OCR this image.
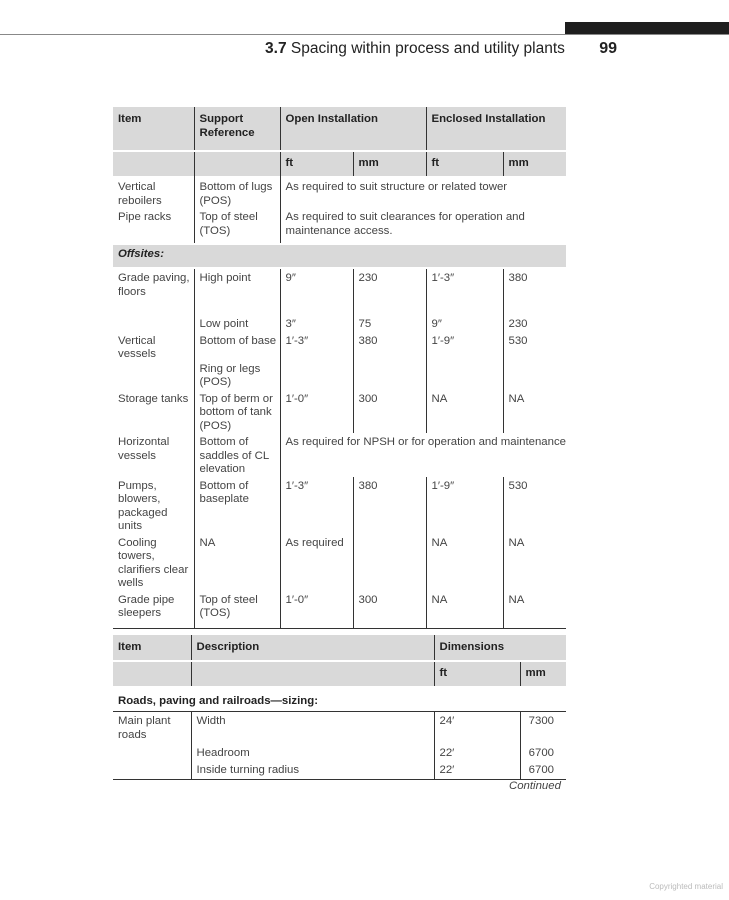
3.7 Spacing within process and utility plants 99
Item	Support Reference	Open Installation		Enclosed Installation	
		ft	mm	ft	mm
Vertical reboilers	Bottom of lugs (POS)	As required to suit structure or related tower			
Pipe racks	Top of steel (TOS)	As required to suit clearances for operation and maintenance access.			
Offsites:					
Grade paving, floors	High point	9″	230	1′-3″	380
	Low point	3″	75	9″	230
Vertical vessels	Bottom of base	1′-3″	380	1′-9″	530
	Ring or legs (POS)				
Storage tanks	Top of berm or bottom of tank (POS)	1′-0″	300	NA	NA
Horizontal vessels	Bottom of saddles of CL elevation	As required for NPSH or for operation and maintenance			
Pumps, blowers, packaged units	Bottom of baseplate	1′-3″	380	1′-9″	530
Cooling towers, clarifiers clear wells	NA	As required		NA	NA
Grade pipe sleepers	Top of steel (TOS)	1′-0″	300	NA	NA
Item	Description	Dimensions	
		ft	mm
Roads, paving and railroads—sizing:			
Main plant roads	Width	24′	7300
	Headroom	22′	6700
	Inside turning radius	22′	6700
Continued
Copyrighted material
